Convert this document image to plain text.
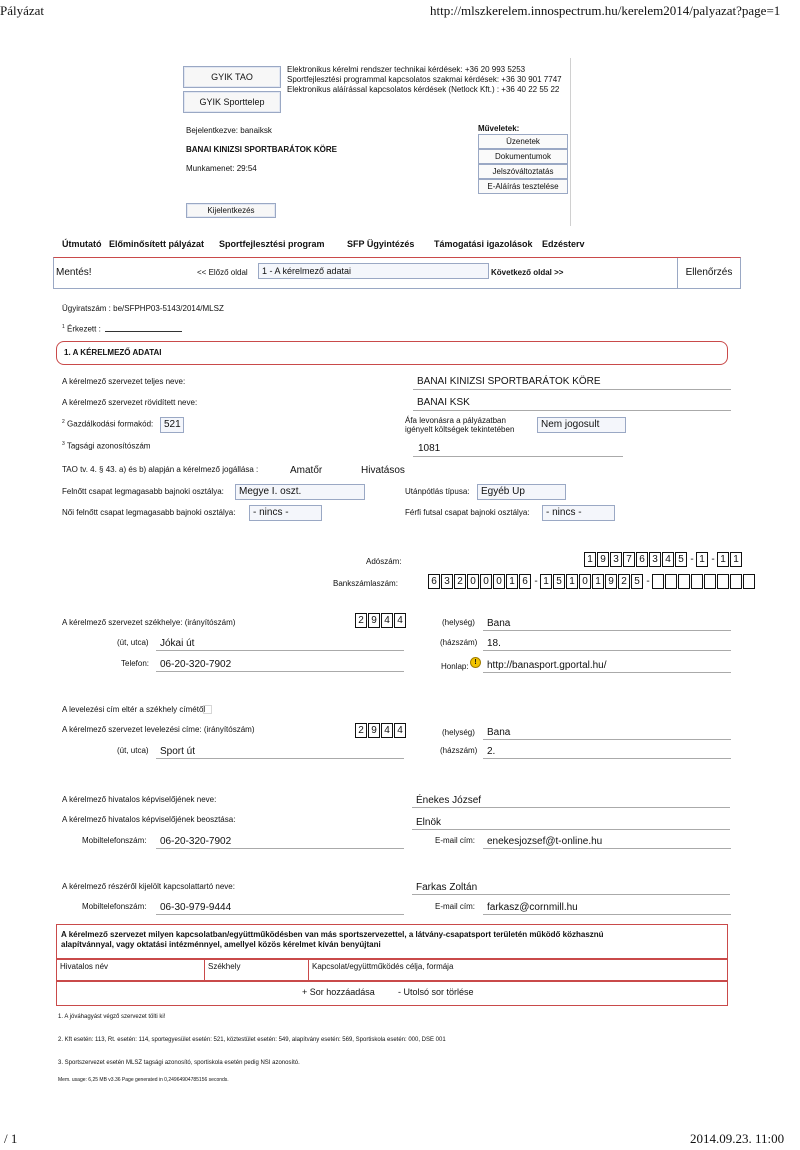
Pályázat	http://mlszkerelem.innospectrum.hu/kerelem2014/palyazat?page=1
GYIK TAO
GYIK Sporttelep
Elektronikus kérelmi rendszer technikai kérdések: +36 20 993 5253
Sportfejlesztési programmal kapcsolatos szakmai kérdések: +36 30 901 7747
Elektronikus aláírással kapcsolatos kérdések (Netlock Kft.) : +36 40 22 55 22
Bejelentkezve: banaiksk
BANAI KINIZSI SPORTBARÁTOK KÖRE
Munkamenet: 29:54
Kijelentkezés
Műveletek:
Üzenetek
Dokumentumok
Jelszóváltoztatás
E-Aláírás tesztelése
Útmutató Előminősített pályázat Sportfejlesztési program SFP Ügyintézés Támogatási igazolások Edzésterv
Mentés!	<< Előző oldal	1 - A kérelmező adatai	Következő oldal >>	Ellenőrzés
Ügyiratszám : be/SFPHP03-5143/2014/MLSZ
$^1$ Érkezett :
1. A KÉRELMEZŐ ADATAI
A kérelmező szervezet teljes neve:	BANAI KINIZSI SPORTBARÁTOK KÖRE
A kérelmező szervezet rövidített neve:	BANAI KSK
$^2$ Gazdálkodási formakód:	521	Áfa levonásra a pályázatban
igényelt költségek tekintetében	Nem jogosult
$^3$ Tagsági azonosítószám	1081
TAO tv. 4. § 43. a) és b) alapján a kérelmező jogállása :	Amatőr	Hivatásos
Felnőtt csapat legmagasabb bajnoki osztálya:	Megye I. oszt.	Utánpótlás típusa:	Egyéb Up
Női felnőtt csapat legmagasabb bajnoki osztálya:	- nincs -	Férfi futsal csapat bajnoki osztálya:	- nincs -
Adószám:	1 9 3 7 6 3 4 5 - 1 - 1 1
Bankszámlaszám:	6 3 2 0 0 0 1 6 - 1 5 1 0 1 9 2 5 -
A kérelmező szervezet székhelye: (irányítószám)	2 9 4 4	(helység) Bana
(út, utca) Jókai út	(házszám) 18.
Telefon: 06-20-320-7902	Honlap: !	http://banasport.gportal.hu/
A levelezési cím eltér a székhely címétől
A kérelmező szervezet levelezési címe: (irányítószám)	2 9 4 4	(helység) Bana
(út, utca) Sport út	(házszám) 2.
A kérelmező hivatalos képviselőjének neve:	Énekes József
A kérelmező hivatalos képviselőjének beosztása:	Elnök
Mobiltelefonszám: 06-20-320-7902	E-mail cím: enekesjozsef@t-online.hu
A kérelmező részéről kijelölt kapcsolattartó neve:	Farkas Zoltán
Mobiltelefonszám: 06-30-979-9444	E-mail cím: farkasz@cornmill.hu
A kérelmező szervezet milyen kapcsolatban/együttműködésben van más sportszervezettel, a látvány-csapatsport területén működő közhasznú
alapítvánnyal, vagy oktatási intézménnyel, amellyel közös kérelmet kíván benyújtani
Hivatalos név	Székhely	Kapcsolat/együttműködés célja, formája
+ Sor hozzáadása	- Utolsó sor törlése
1. A jóváhagyást végző szervezet tölti ki!
2. Kft esetén: 113, Rt. esetén: 114, sportegyesület esetén: 521, köztestület esetén: 549, alapítvány esetén: 569, Sportiskola esetén: 000, DSE 001
3. Sportszervezet esetén MLSZ tagsági azonosító, sportiskola esetén pedig NSI azonosító.
Mem. usage: 6,25 MB v3.36 Page generated in 0,24964904785156 seconds.
/ 1	2014.09.23. 11:00
